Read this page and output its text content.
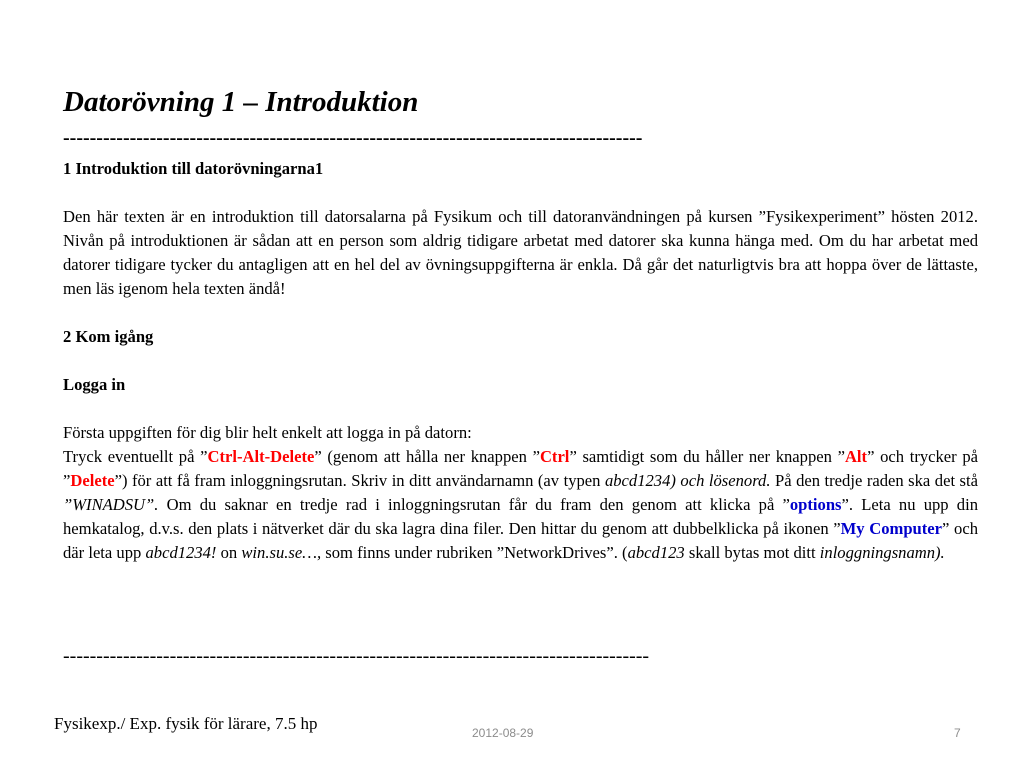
Datorövning 1 – Introduktion
---------------------------------------------------------------------------------------

1 Introduktion till datorövningarna1

Den här texten är en introduktion till datorsalarna på Fysikum och till datoranvändningen på kursen ”Fysikexperiment” hösten 2012. Nivån på introduktionen är sådan att en person som aldrig tidigare arbetat med datorer ska kunna hänga med. Om du har arbetat med datorer tidigare tycker du antagligen att en hel del av övningsuppgifterna är enkla. Då går det naturligtvis bra att hoppa över de lättaste, men läs igenom hela texten ändå!

2 Kom igång

Logga in

Första uppgiften för dig blir helt enkelt att logga in på datorn:

Tryck eventuellt på ”Ctrl-Alt-Delete” (genom att hålla ner knappen ”Ctrl” samtidigt som du håller ner knappen ”Alt” och trycker på ”Delete”) för att få fram inloggningsrutan. Skriv in ditt användarnamn (av typen abcd1234) och lösenord. På den tredje raden ska det stå ”WINADSU”. Om du saknar en tredje rad i inloggningsrutan får du fram den genom att klicka på ”options”. Leta nu upp din hemkatalog, d.v.s. den plats i nätverket där du ska lagra dina filer. Den hittar du genom att dubbelklicka på ikonen ”My Computer” och där leta upp abcd1234! on win.su.se…, som finns under rubriken ”NetworkDrives”. (abcd123 skall bytas mot ditt inloggningsnamn).

----------------------------------------------------------------------------------------
Fysikexp./ Exp. fysik för lärare, 7.5 hp	2012-08-29	7
